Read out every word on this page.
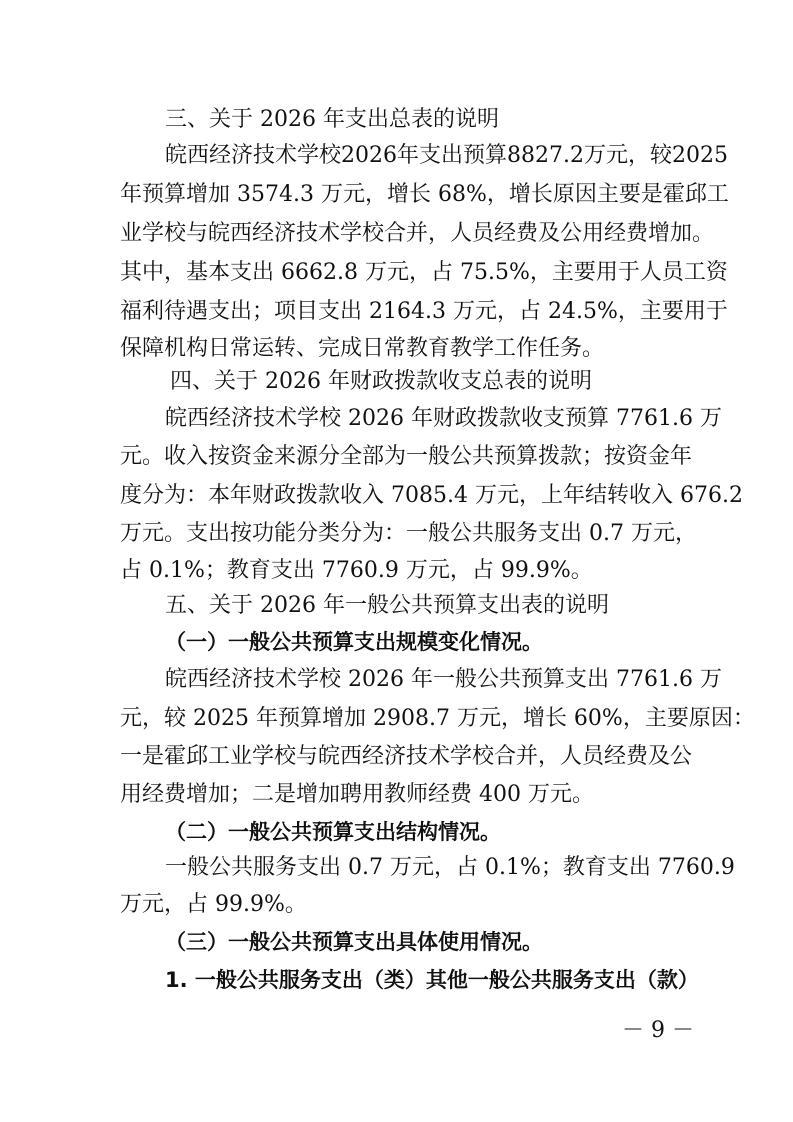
三、关于 2026 年支出总表的说明
皖西经济技术学校2026年支出预算8827.2万元，较2025
年预算增加 3574.3 万元，增长 68%，增长原因主要是霍邱工
业学校与皖西经济技术学校合并，人员经费及公用经费增加。
其中，基本支出 6662.8 万元，占 75.5%，主要用于人员工资
福利待遇支出；项目支出 2164.3 万元，占 24.5%，主要用于
保障机构日常运转、完成日常教育教学工作任务。
四、关于 2026 年财政拨款收支总表的说明
皖西经济技术学校 2026 年财政拨款收支预算 7761.6 万
元。收入按资金来源分全部为一般公共预算拨款；按资金年
度分为：本年财政拨款收入 7085.4 万元，上年结转收入 676.2
万元。支出按功能分类分为：一般公共服务支出 0.7 万元，
占 0.1%；教育支出 7760.9 万元，占 99.9%。
五、关于 2026 年一般公共预算支出表的说明
（一）一般公共预算支出规模变化情况。
皖西经济技术学校 2026 年一般公共预算支出 7761.6 万
元，较 2025 年预算增加 2908.7 万元，增长 60%，主要原因：
一是霍邱工业学校与皖西经济技术学校合并，人员经费及公
用经费增加；二是增加聘用教师经费 400 万元。
（二）一般公共预算支出结构情况。
一般公共服务支出 0.7 万元，占 0.1%；教育支出 7760.9
万元，占 99.9%。
（三）一般公共预算支出具体使用情况。
1. 一般公共服务支出（类）其他一般公共服务支出（款）
－ 9 －
